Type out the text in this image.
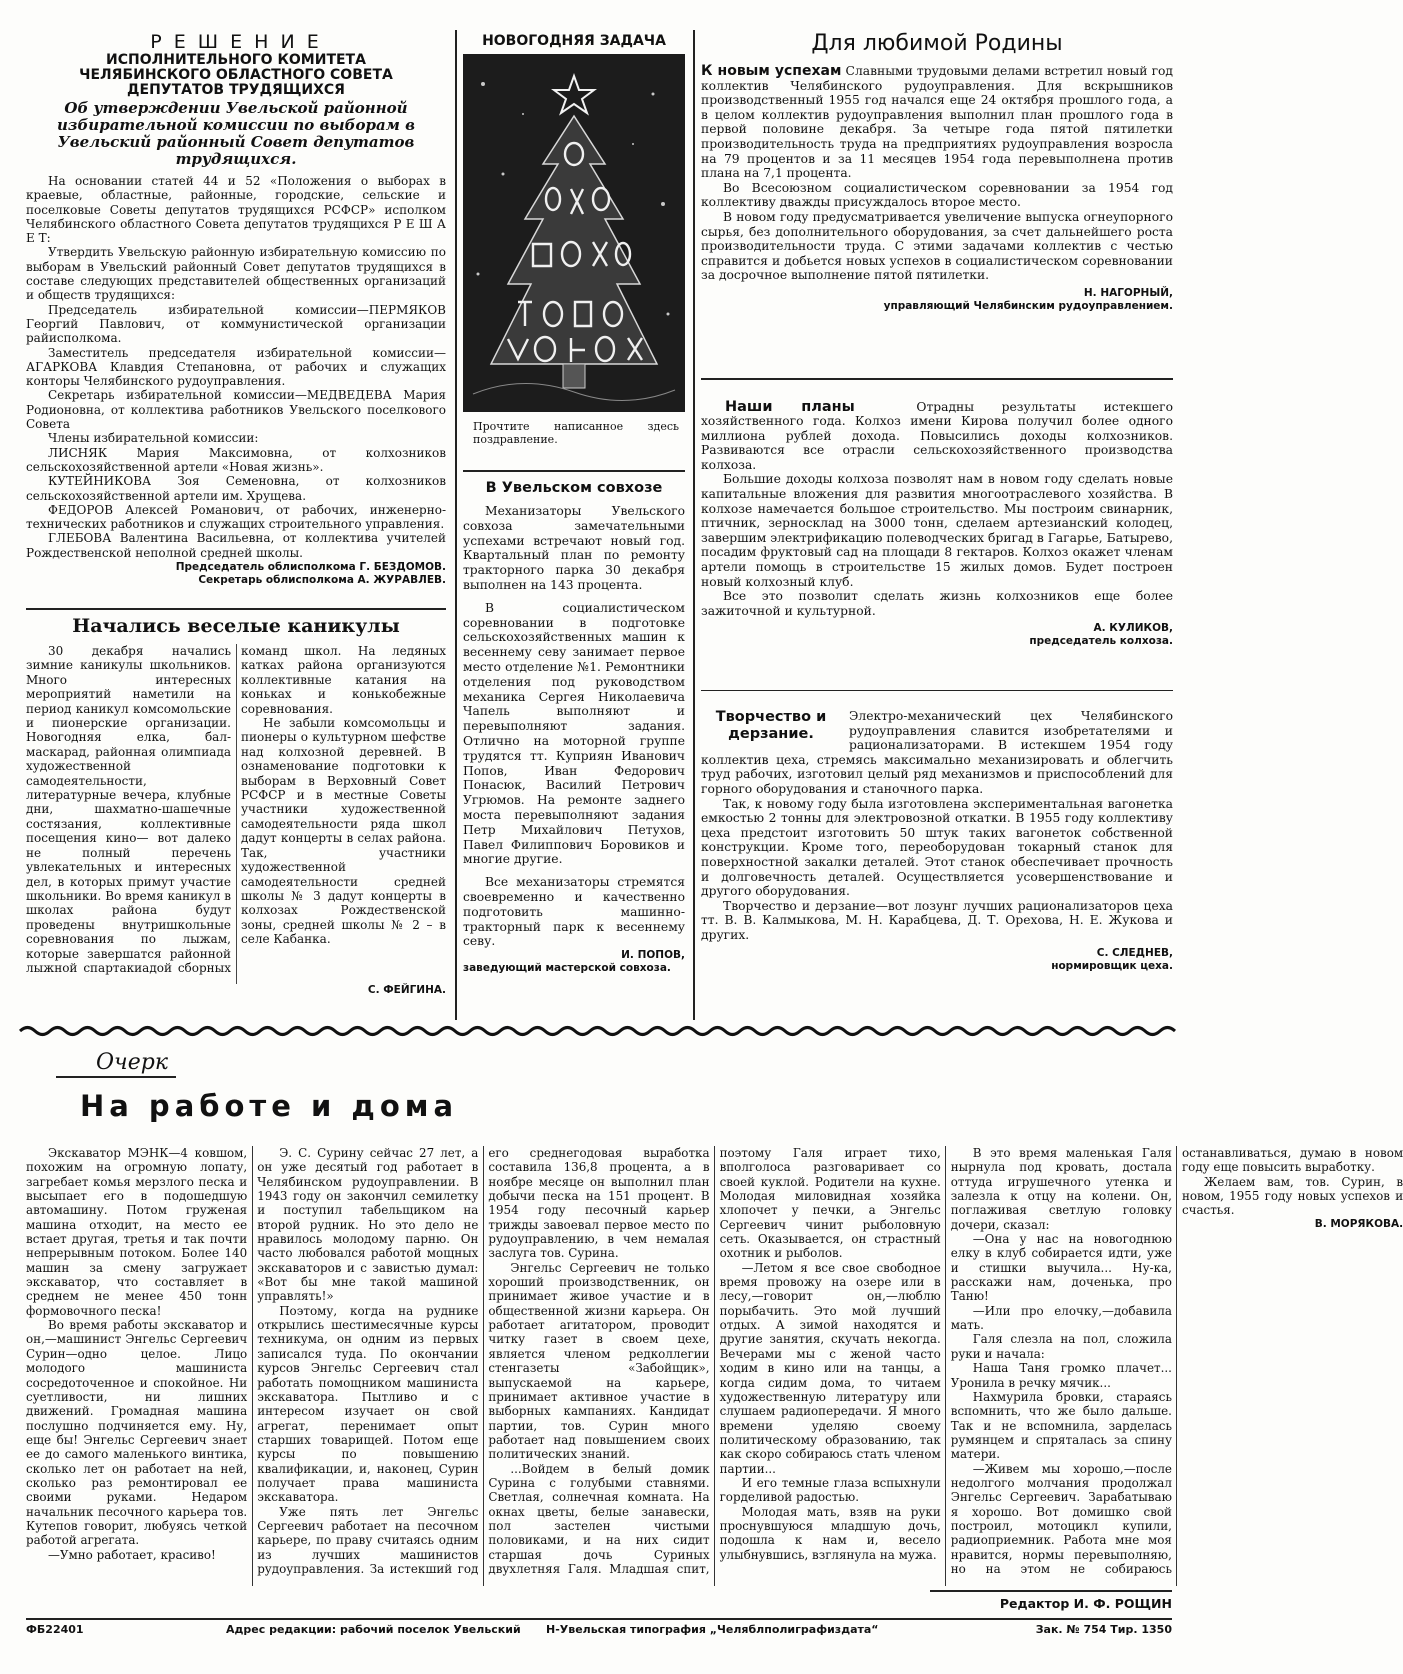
Р Е Ш Е Н И Е
ИСПОЛНИТЕЛЬНОГО КОМИТЕТА
ЧЕЛЯБИНСКОГО ОБЛАСТНОГО СОВЕТА
ДЕПУТАТОВ ТРУДЯЩИХСЯ
Об утверждении Увельской районной избирательной комиссии по выборам в Увельский районный Совет депутатов трудящихся.

На основании статей 44 и 52 «Положения о выборах в краевые, областные, районные, городские, сельские и поселковые Советы депутатов трудящихся РСФСР» исполком Челябинского областного Совета депутатов трудящихся Р Е Ш А Е Т:

Утвердить Увельскую районную избирательную комиссию по выборам в Увельский районный Совет депутатов трудящихся в составе следующих представителей общественных организаций и обществ трудящихся:

Председатель избирательной комиссии—ПЕРМЯКОВ Георгий Павлович, от коммунистической организации райисполкома.

Заместитель председателя избирательной комиссии—АГАРКОВА Клавдия Степановна, от рабочих и служащих конторы Челябинского рудоуправления.

Секретарь избирательной комиссии—МЕДВЕДЕВА Мария Родионовна, от коллектива работников Увельского поселкового Совета

Члены избирательной комиссии:

ЛИСНЯК Мария Максимовна, от колхозников сельскохозяйственной артели «Новая жизнь».

КУТЕЙНИКОВА Зоя Семеновна, от колхозников сельскохозяйственной артели им. Хрущева.

ФЕДОРОВ Алексей Романович, от рабочих, инженерно-технических работников и служащих строительного управления.

ГЛЕБОВА Валентина Васильевна, от коллектива учителей Рождественской неполной средней школы.

Председатель облисполкома Г. БЕЗДОМОВ.
Секретарь облисполкома А. ЖУРАВЛЕВ.
Начались веселые каникулы

30 декабря начались зимние каникулы школьников. Много интересных мероприятий наметили на период каникул комсомольские и пионерские организации. Новогодняя елка, бал-маскарад, районная олимпиада художественной самодеятельности, литературные вечера, клубные дни, шахматно-шашечные состязания, коллективные посещения кино— вот далеко не полный перечень увлекательных и интересных дел, в которых примут участие школьники. Во время каникул в школах района будут проведены внутришкольные соревнования по лыжам, которые завершатся районной лыжной спартакиадой сборных команд школ. На ледяных катках района организуются коллективные катания на коньках и конькобежные соревнования.

Не забыли комсомольцы и пионеры о культурном шефстве над колхозной деревней. В ознаменование подготовки к выборам в Верховный Совет РСФСР и в местные Советы участники художественной самодеятельности ряда школ дадут концерты в селах района. Так, участники художественной самодеятельности средней школы № 3 дадут концерты в колхозах Рождественской зоны, средней школы № 2 – в селе Кабанка.

С. ФЕЙГИНА.
НОВОГОДНЯЯ ЗАДАЧА
Прочтите написанное здесь поздравление.
В Увельском совхозе

Механизаторы Увельского совхоза замечательными успехами встречают новый год. Квартальный план по ремонту тракторного парка 30 декабря выполнен на 143 процента.

В социалистическом соревновании в подготовке сельскохозяйственных машин к весеннему севу занимает первое место отделение №1. Ремонтники отделения под руководством механика Сергея Николаевича Чапель выполняют и перевыполняют задания. Отлично на моторной группе трудятся тт. Куприян Иванович Попов, Иван Федорович Понасюк, Василий Петрович Угрюмов. На ремонте заднего моста перевыполняют задания Петр Михайлович Петухов, Павел Филиппович Боровиков и многие другие.

Все механизаторы стремятся своевременно и качественно подготовить машинно-тракторный парк к весеннему севу.

И. ПОПОВ,
заведующий мастерской совхоза.
Для любимой Родины
К новым успехам Славными трудовыми делами встретил новый год коллектив Челябинского рудоуправления. Для вскрышников производственный 1955 год начался еще 24 октября прошлого года, а в целом коллектив рудоуправления выполнил план прошлого года в первой половине декабря. За четыре года пятой пятилетки производительность труда на предприятиях рудоуправления возросла на 79 процентов и за 11 месяцев 1954 года перевыполнена против плана на 7,1 процента.

Во Всесоюзном социалистическом соревновании за 1954 год коллективу дважды присуждалось второе место.

В новом году предусматривается увеличение выпуска огнеупорного сырья, без дополнительного оборудования, за счет дальнейшего роста производительности труда. С этими задачами коллектив с честью справится и добьется новых успехов в социалистическом соревновании за досрочное выполнение пятой пятилетки.

Н. НАГОРНЫЙ,
управляющий Челябинским рудоуправлением.
Наши планы	Отрадны результаты истекшего хозяйственного года. Колхоз имени Кирова получил более одного миллиона рублей дохода. Повысились доходы колхозников. Развиваются все отрасли сельскохозяйственного производства колхоза.

Большие доходы колхоза позволят нам в новом году сделать новые капитальные вложения для развития многоотраслевого хозяйства. В колхозе намечается большое строительство. Мы построим свинарник, птичник, зерносклад на 3000 тонн, сделаем артезианский колодец, завершим электрификацию полеводческих бригад в Гагарье, Батырево, посадим фруктовый сад на площади 8 гектаров. Колхоз окажет членам артели помощь в строительстве 15 жилых домов. Будет построен новый колхозный клуб.

Все это позволит сделать жизнь колхозников еще более зажиточной и культурной.

А. КУЛИКОВ,
председатель колхоза.
Творчество и дерзание.
Электро-механический цех Челябинского рудоуправления славится изобретателями и рационализаторами. В истекшем 1954 году коллектив цеха, стремясь максимально механизировать и облегчить труд рабочих, изготовил целый ряд механизмов и приспособлений для горного оборудования и станочного парка.

Так, к новому году была изготовлена экспериментальная вагонетка емкостью 2 тонны для электровозной откатки. В 1955 году коллективу цеха предстоит изготовить 50 штук таких вагонеток собственной конструкции. Кроме того, переоборудован токарный станок для поверхностной закалки деталей. Этот станок обеспечивает прочность и долговечность деталей. Осуществляется усовершенствование и другого оборудования.

Творчество и дерзание—вот лозунг лучших рационализаторов цеха тт. В. В. Калмыкова, М. Н. Карабцева, Д. Т. Орехова, Н. Е. Жукова и других.

С. СЛЕДНЕВ,
нормировщик цеха.
Очерк
На работе и дома

Экскаватор МЭНК—4 ковшом, похожим на огромную лопату, загребает комья мерзлого песка и высыпает его в подошедшую автомашину. Потом груженая машина отходит, на место ее встает другая, третья и так почти непрерывным потоком. Более 140 машин за смену загружает экскаватор, что составляет в среднем не менее 450 тонн формовочного песка!

Во время работы экскаватор и он,—машинист Энгельс Сергеевич Сурин—одно целое. Лицо молодого машиниста сосредоточенное и спокойное. Ни суетливости, ни лишних движений. Громадная машина послушно подчиняется ему. Ну, еще бы! Энгельс Сергеевич знает ее до самого маленького винтика, сколько лет он работает на ней, сколько раз ремонтировал ее своими руками. Недаром начальник песочного карьера тов. Кутепов говорит, любуясь четкой работой агрегата.

—Умно работает, красиво!

Э. С. Сурину сейчас 27 лет, а он уже десятый год работает в Челябинском рудоуправлении. В 1943 году он закончил семилетку и поступил табельщиком на второй рудник. Но это дело не нравилось молодому парню. Он часто любовался работой мощных экскаваторов и с завистью думал: «Вот бы мне такой машиной управлять!»

Поэтому, когда на руднике открылись шестимесячные курсы техникума, он одним из первых записался туда. По окончании курсов Энгельс Сергеевич стал работать помощником машиниста экскаватора. Пытливо и с интересом изучает он свой агрегат, перенимает опыт старших товарищей. Потом еще курсы по повышению квалификации, и, наконец, Сурин получает права машиниста экскаватора.

Уже пять лет Энгельс Сергеевич работает на песочном карьере, по праву считаясь одним из лучших машинистов рудоуправления. За истекший год его среднегодовая выработка составила 136,8 процента, а в ноябре месяце он выполнил план добычи песка на 151 процент. В 1954 году песочный карьер трижды завоевал первое место по рудоуправлению, в чем немалая заслуга тов. Сурина.

Энгельс Сергеевич не только хороший производственник, он принимает живое участие и в общественной жизни карьера. Он работает агитатором, проводит читку газет в своем цехе, является членом редколлегии стенгазеты «Забойщик», выпускаемой на карьере, принимает активное участие в выборных кампаниях. Кандидат партии, тов. Сурин много работает над повышением своих политических знаний.

...Войдем в белый домик Сурина с голубыми ставнями. Светлая, солнечная комната. На окнах цветы, белые занавески, пол застелен чистыми половиками, и на них сидит старшая дочь Суриных двухлетняя Галя. Младшая спит, поэтому Галя играет тихо, вполголоса разговаривает со своей куклой. Родители на кухне. Молодая миловидная хозяйка хлопочет у печки, а Энгельс Сергеевич чинит рыболовную сеть. Оказывается, он страстный охотник и рыболов.

—Летом я все свое свободное время провожу на озере или в лесу,—говорит он,—люблю порыбачить. Это мой лучший отдых. А зимой находятся и другие занятия, скучать некогда. Вечерами мы с женой часто ходим в кино или на танцы, а когда сидим дома, то читаем художественную литературу или слушаем радиопередачи. Я много времени уделяю своему политическому образованию, так как скоро собираюсь стать членом партии...

И его темные глаза вспыхнули горделивой радостью.

Молодая мать, взяв на руки проснувшуюся младшую дочь, подошла к нам и, весело улыбнувшись, взглянула на мужа.

В это время маленькая Галя нырнула под кровать, достала оттуда игрушечного утенка и залезла к отцу на колени. Он, поглаживая светлую головку дочери, сказал:

—Она у нас на новогоднюю елку в клуб собирается идти, уже и стишки выучила... Ну-ка, расскажи нам, доченька, про Таню!

—Или про елочку,—добавила мать.

Галя слезла на пол, сложила руки и начала:

Наша Таня громко плачет... Уронила в речку мячик...

Нахмурила бровки, стараясь вспомнить, что же было дальше. Так и не вспомнила, зарделась румянцем и спряталась за спину матери.

—Живем мы хорошо,—после недолгого молчания продолжал Энгельс Сергеевич. Зарабатываю я хорошо. Вот домишко свой построил, мотоцикл купили, радиоприемник. Работа мне моя нравится, нормы перевыполняю, но на этом не собираюсь останавливаться, думаю в новом году еще повысить выработку.

Желаем вам, тов. Сурин, в новом, 1955 году новых успехов и счастья.

В. МОРЯКОВА.
Редактор И. Ф. РОЩИН
ФБ22401	Адрес редакции: рабочий поселок Увельский Н-Увельская типография „Челяблполиграфиздата“	Зак. № 754 Тир. 1350
